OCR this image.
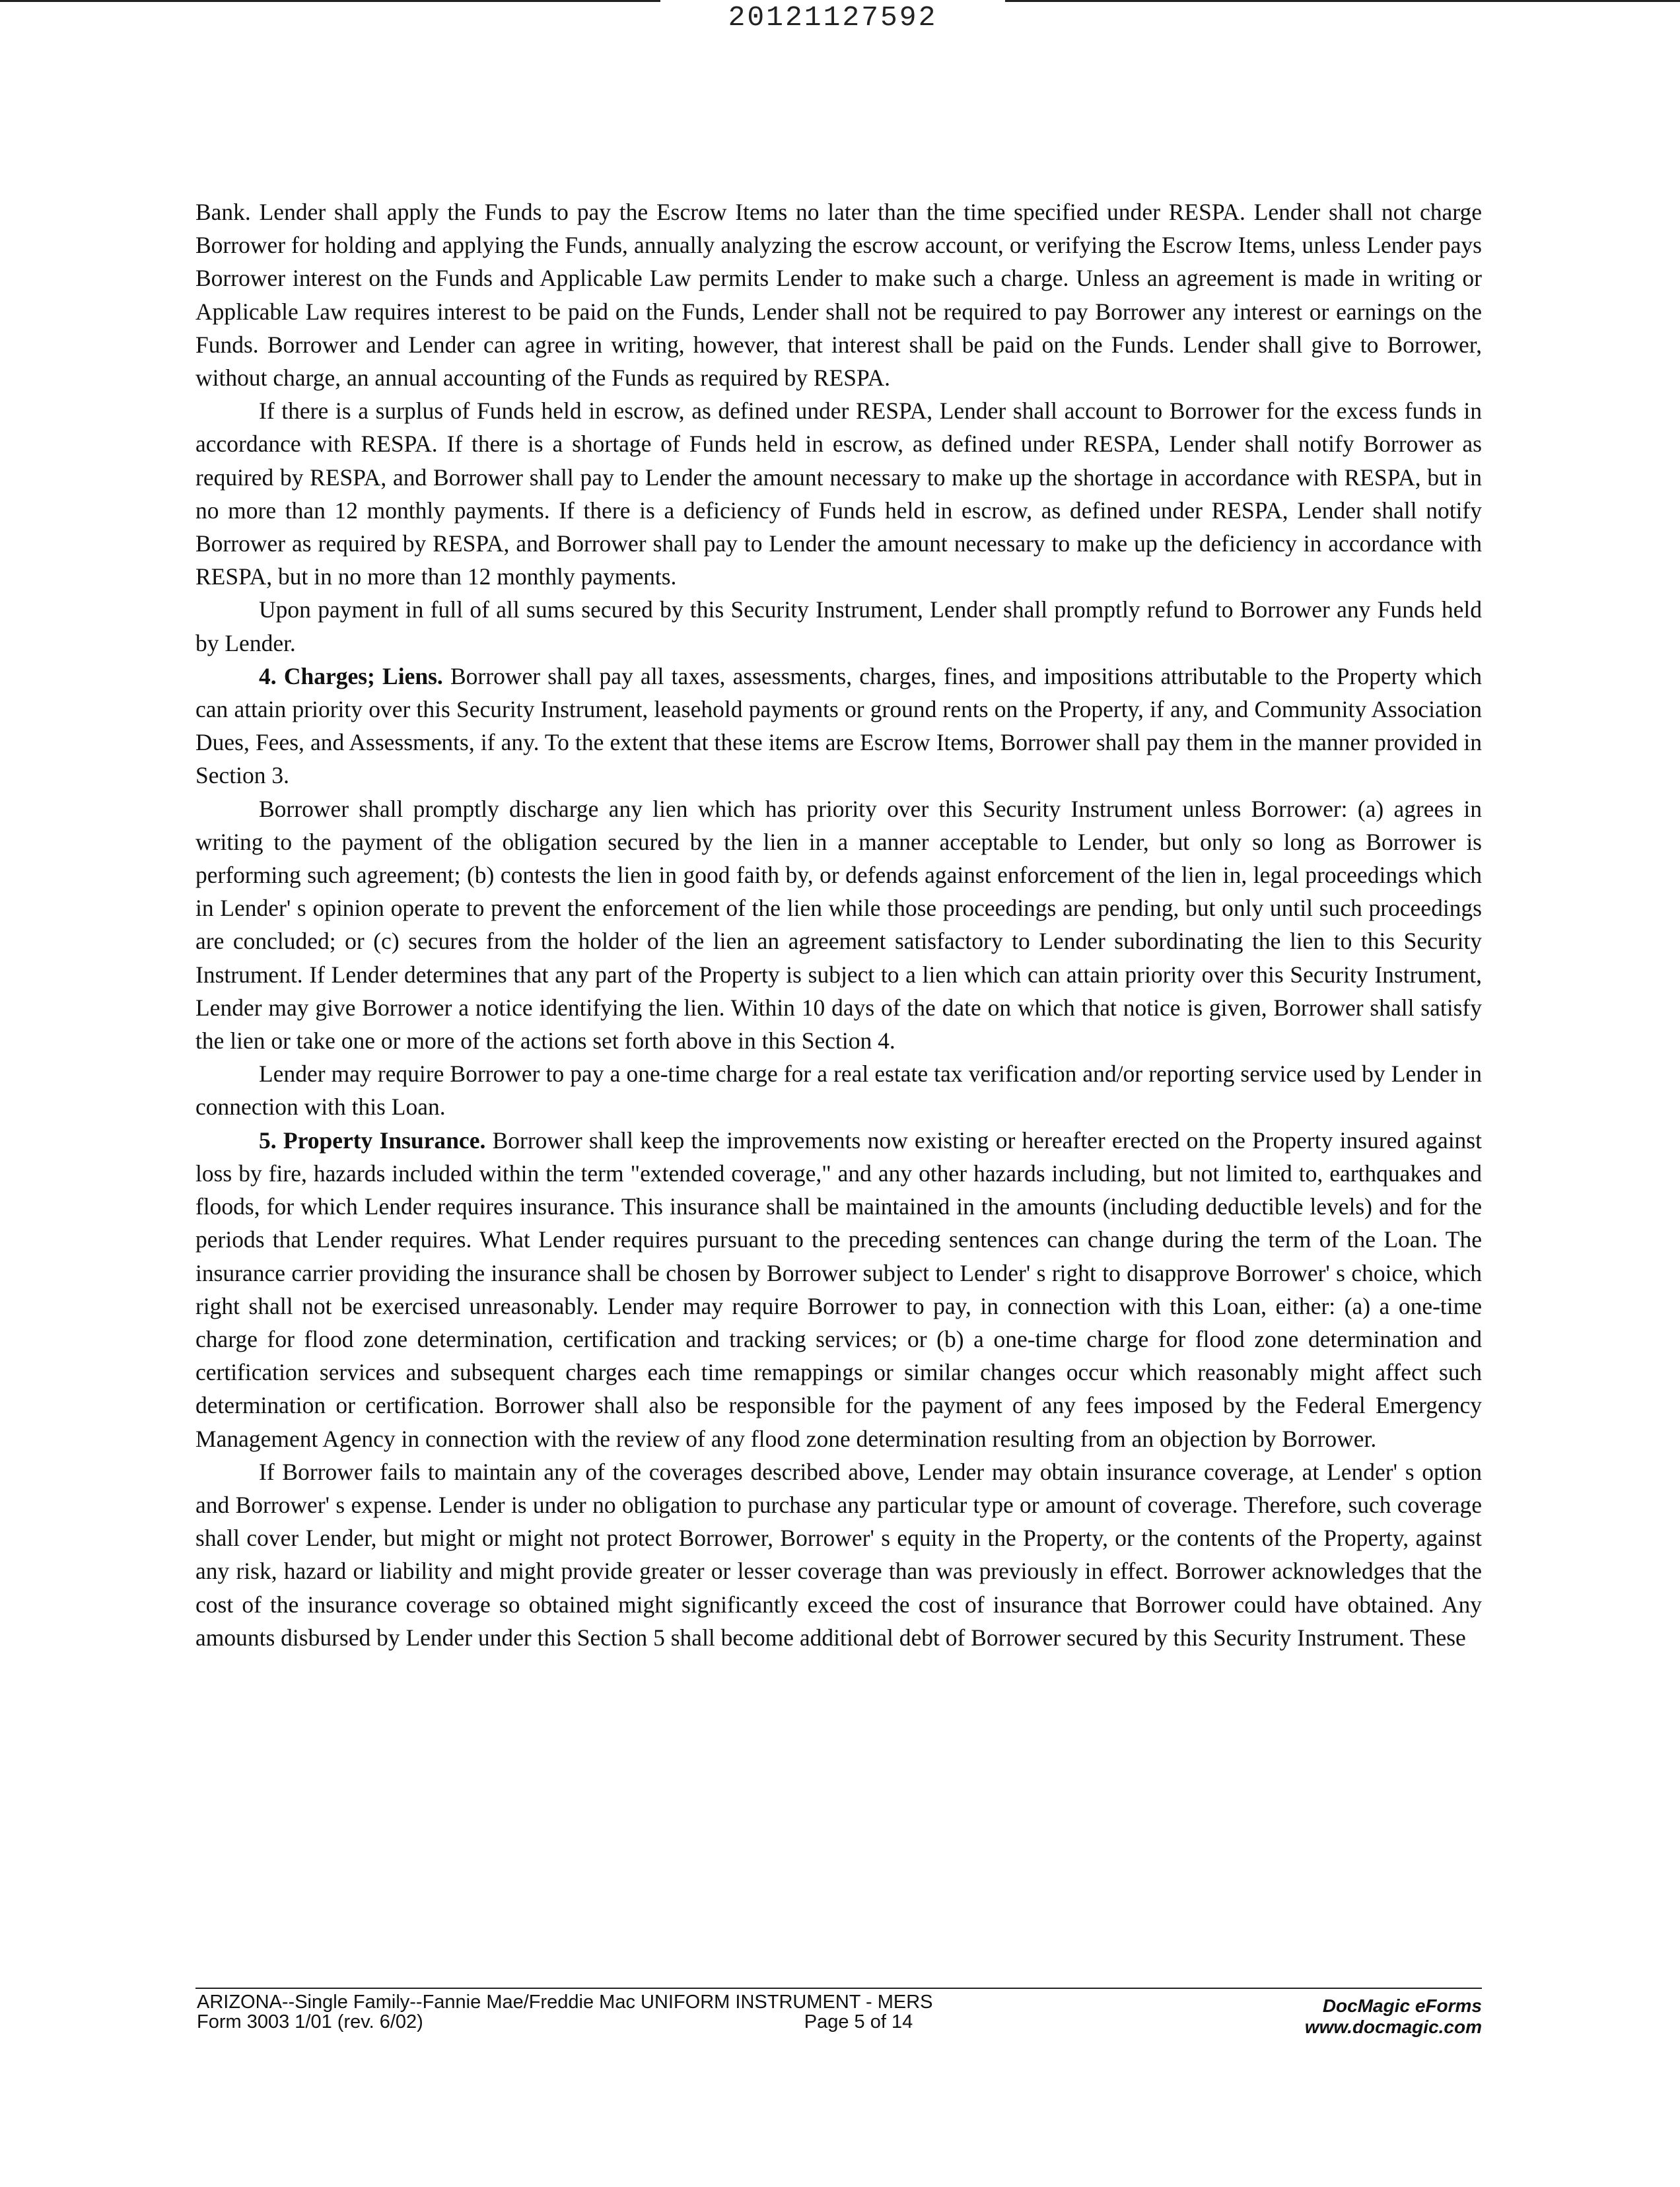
20121127592

Bank. Lender shall apply the Funds to pay the Escrow Items no later than the time specified under RESPA. Lender shall not charge Borrower for holding and applying the Funds, annually analyzing the escrow account, or verifying the Escrow Items, unless Lender pays Borrower interest on the Funds and Applicable Law permits Lender to make such a charge. Unless an agreement is made in writing or Applicable Law requires interest to be paid on the Funds, Lender shall not be required to pay Borrower any interest or earnings on the Funds. Borrower and Lender can agree in writing, however, that interest shall be paid on the Funds. Lender shall give to Borrower, without charge, an annual accounting of the Funds as required by RESPA.

If there is a surplus of Funds held in escrow, as defined under RESPA, Lender shall account to Borrower for the excess funds in accordance with RESPA. If there is a shortage of Funds held in escrow, as defined under RESPA, Lender shall notify Borrower as required by RESPA, and Borrower shall pay to Lender the amount necessary to make up the shortage in accordance with RESPA, but in no more than 12 monthly payments. If there is a deficiency of Funds held in escrow, as defined under RESPA, Lender shall notify Borrower as required by RESPA, and Borrower shall pay to Lender the amount necessary to make up the deficiency in accordance with RESPA, but in no more than 12 monthly payments.

Upon payment in full of all sums secured by this Security Instrument, Lender shall promptly refund to Borrower any Funds held by Lender.

4. Charges; Liens. Borrower shall pay all taxes, assessments, charges, fines, and impositions attributable to the Property which can attain priority over this Security Instrument, leasehold payments or ground rents on the Property, if any, and Community Association Dues, Fees, and Assessments, if any. To the extent that these items are Escrow Items, Borrower shall pay them in the manner provided in Section 3.

Borrower shall promptly discharge any lien which has priority over this Security Instrument unless Borrower: (a) agrees in writing to the payment of the obligation secured by the lien in a manner acceptable to Lender, but only so long as Borrower is performing such agreement; (b) contests the lien in good faith by, or defends against enforcement of the lien in, legal proceedings which in Lender' s opinion operate to prevent the enforcement of the lien while those proceedings are pending, but only until such proceedings are concluded; or (c) secures from the holder of the lien an agreement satisfactory to Lender subordinating the lien to this Security Instrument. If Lender determines that any part of the Property is subject to a lien which can attain priority over this Security Instrument, Lender may give Borrower a notice identifying the lien. Within 10 days of the date on which that notice is given, Borrower shall satisfy the lien or take one or more of the actions set forth above in this Section 4.

Lender may require Borrower to pay a one-time charge for a real estate tax verification and/or reporting service used by Lender in connection with this Loan.

5. Property Insurance. Borrower shall keep the improvements now existing or hereafter erected on the Property insured against loss by fire, hazards included within the term "extended coverage," and any other hazards including, but not limited to, earthquakes and floods, for which Lender requires insurance. This insurance shall be maintained in the amounts (including deductible levels) and for the periods that Lender requires. What Lender requires pursuant to the preceding sentences can change during the term of the Loan. The insurance carrier providing the insurance shall be chosen by Borrower subject to Lender' s right to disapprove Borrower' s choice, which right shall not be exercised unreasonably. Lender may require Borrower to pay, in connection with this Loan, either: (a) a one-time charge for flood zone determination, certification and tracking services; or (b) a one-time charge for flood zone determination and certification services and subsequent charges each time remappings or similar changes occur which reasonably might affect such determination or certification. Borrower shall also be responsible for the payment of any fees imposed by the Federal Emergency Management Agency in connection with the review of any flood zone determination resulting from an objection by Borrower.

If Borrower fails to maintain any of the coverages described above, Lender may obtain insurance coverage, at Lender' s option and Borrower' s expense. Lender is under no obligation to purchase any particular type or amount of coverage. Therefore, such coverage shall cover Lender, but might or might not protect Borrower, Borrower' s equity in the Property, or the contents of the Property, against any risk, hazard or liability and might provide greater or lesser coverage than was previously in effect. Borrower acknowledges that the cost of the insurance coverage so obtained might significantly exceed the cost of insurance that Borrower could have obtained. Any amounts disbursed by Lender under this Section 5 shall become additional debt of Borrower secured by this Security Instrument. These

ARIZONA--Single Family--Fannie Mae/Freddie Mac UNIFORM INSTRUMENT - MERS
Form 3003 1/01 (rev. 6/02)	Page 5 of 14
DocMagic eForms
www.docmagic.com
